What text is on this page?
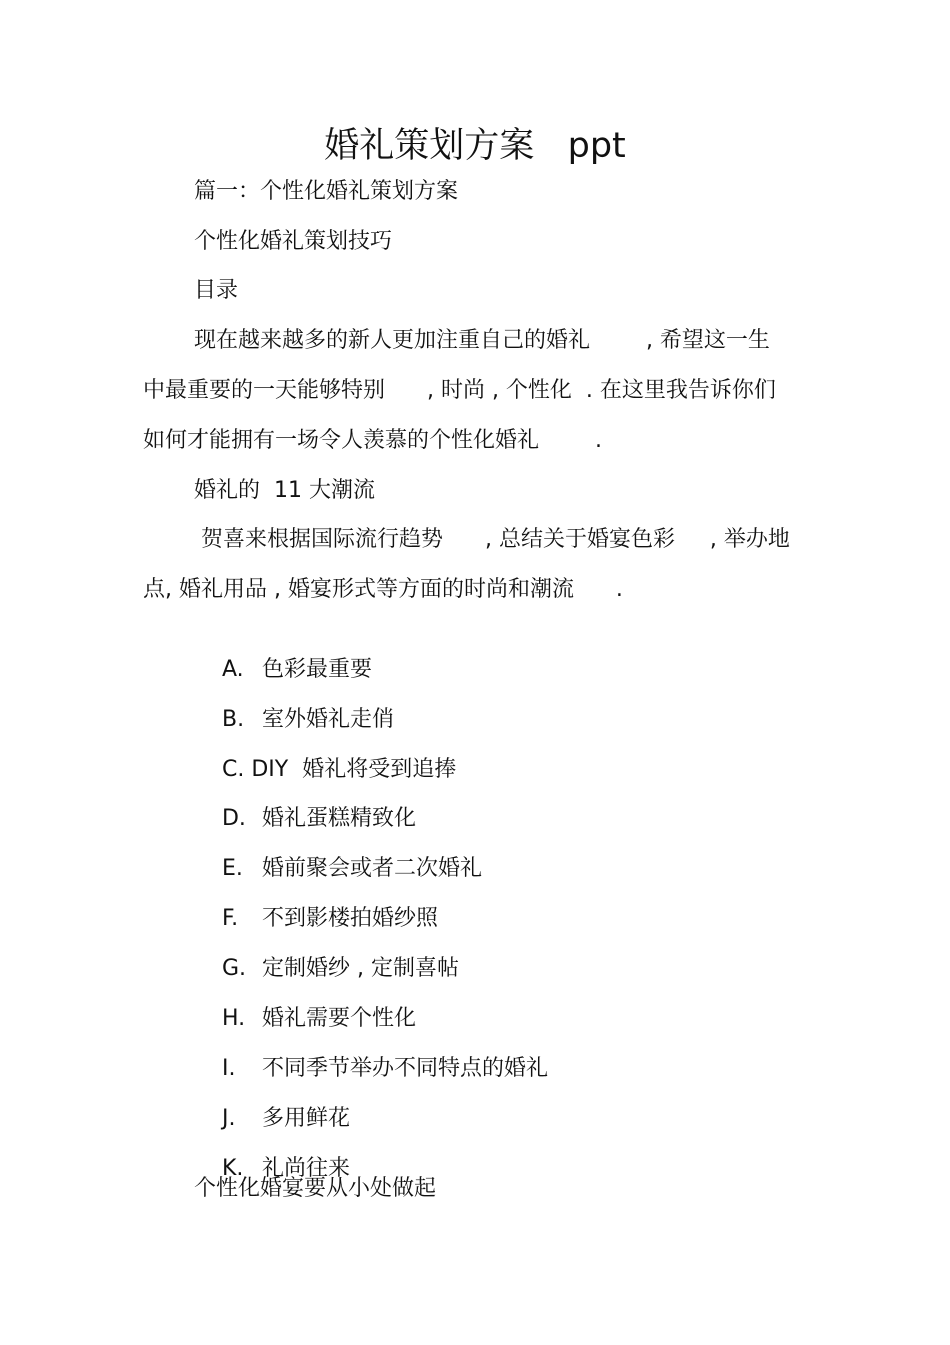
婚礼策划方案   ppt
篇一：个性化婚礼策划方案
个性化婚礼策划技巧
目录
现在越来越多的新人更加注重自己的婚礼        , 希望这一生
中最重要的一天能够特别      , 时尚 , 个性化  . 在这里我告诉你们
如何才能拥有一场令人羡慕的个性化婚礼        .
婚礼的  11 大潮流
贺喜来根据国际流行趋势      , 总结关于婚宴色彩     , 举办地
点, 婚礼用品 , 婚宴形式等方面的时尚和潮流      .

A. 色彩最重要

B. 室外婚礼走俏

C. DIY  婚礼将受到追捧

D. 婚礼蛋糕精致化

E. 婚前聚会或者二次婚礼

F. 不到影楼拍婚纱照

G. 定制婚纱 , 定制喜帖

H. 婚礼需要个性化

I. 不同季节举办不同特点的婚礼

J. 多用鲜花

K. 礼尚往来

个性化婚宴要从小处做起
